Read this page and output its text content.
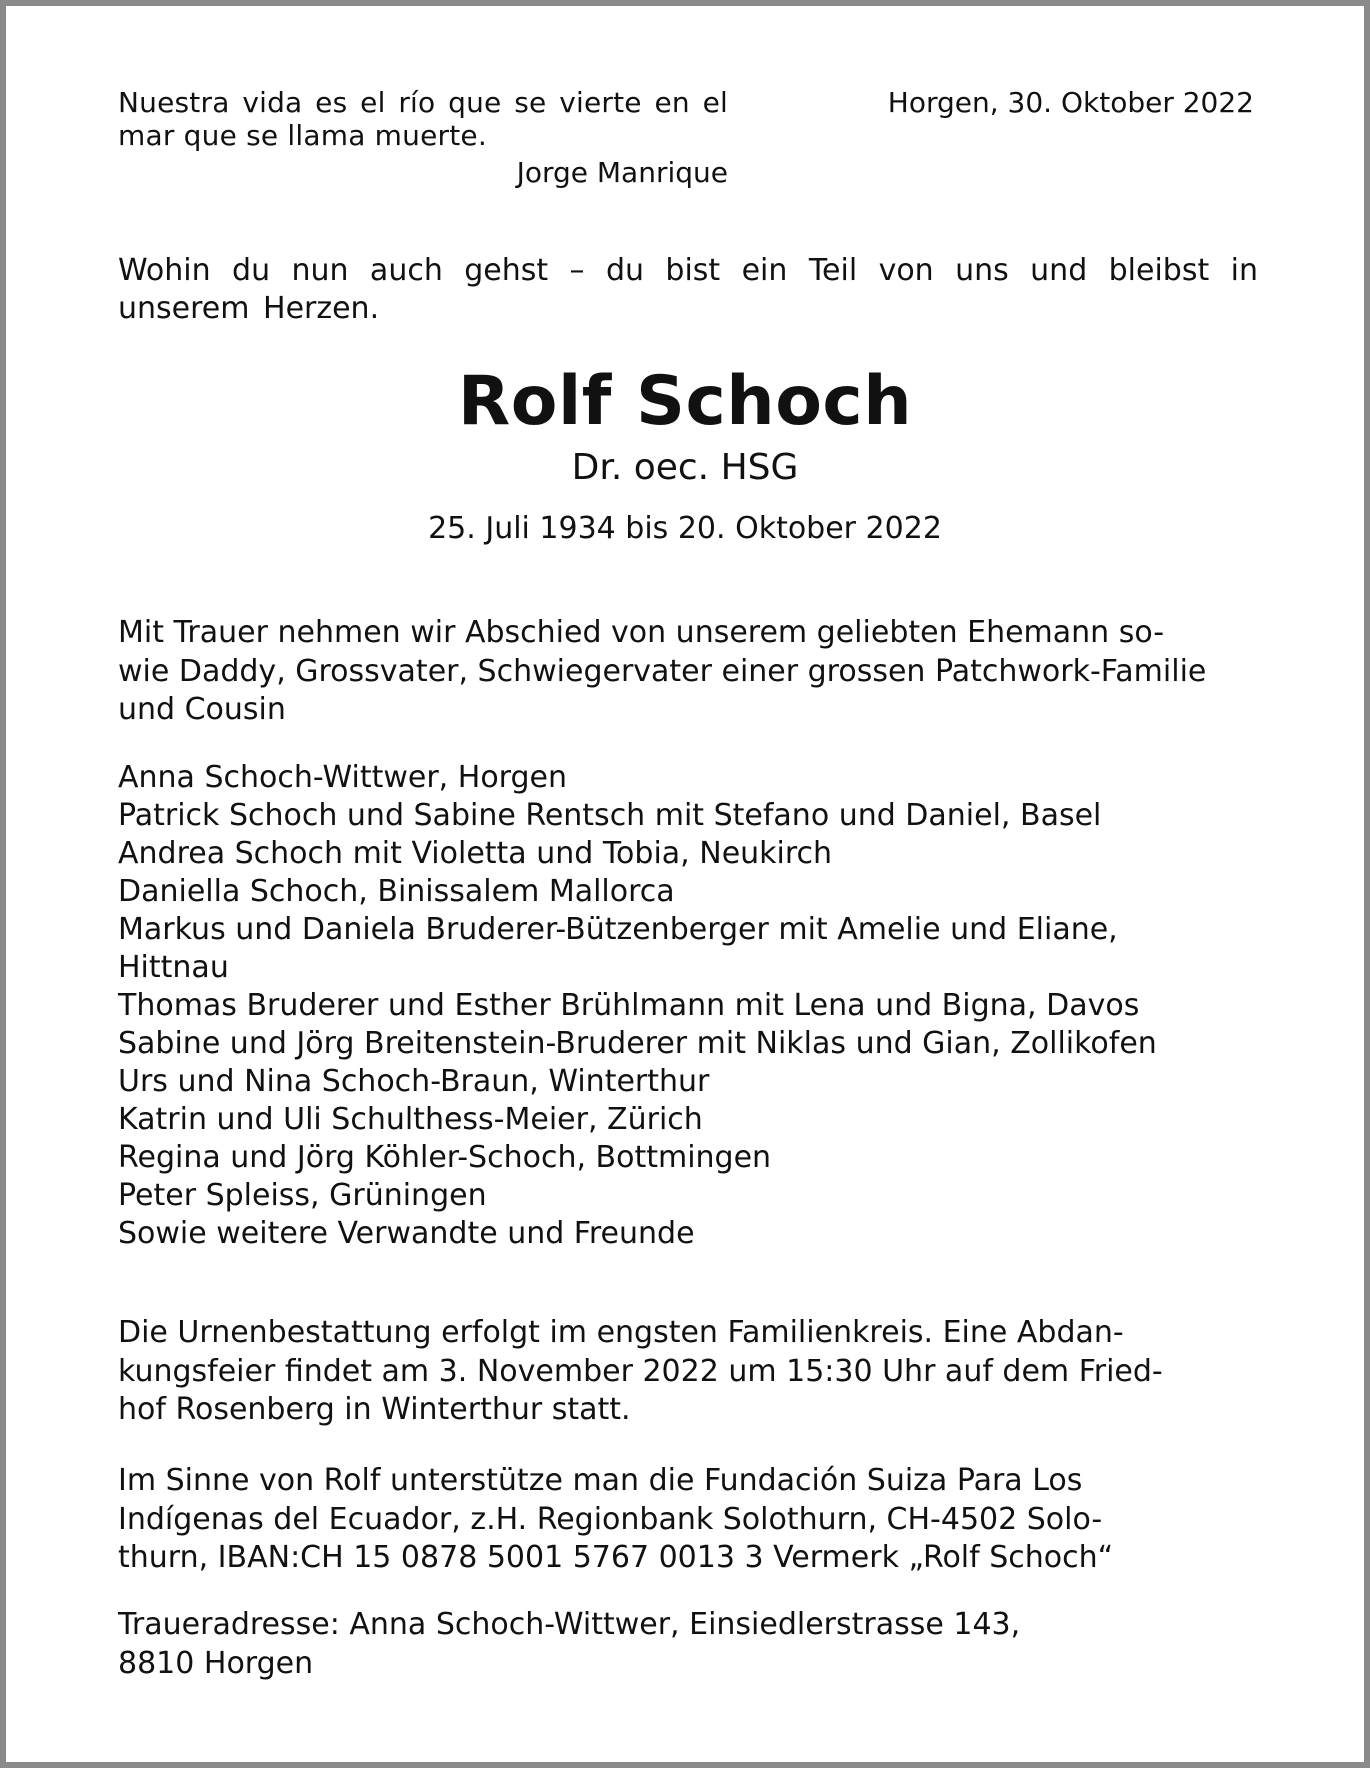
Nuestra vida es el río que se vierte en el mar que se llama muerte.
Jorge Manrique
Horgen, 30. Oktober 2022
Wohin du nun auch gehst – du bist ein Teil von uns und bleibst in unserem Herzen.
Rolf Schoch
Dr. oec. HSG
25. Juli 1934 bis 20. Oktober 2022
Mit Trauer nehmen wir Abschied von unserem geliebten Ehemann so-
wie Daddy, Grossvater, Schwiegervater einer grossen Patchwork-Familie
und Cousin
Anna Schoch-Wittwer, Horgen
Patrick Schoch und Sabine Rentsch mit Stefano und Daniel, Basel
Andrea Schoch mit Violetta und Tobia, Neukirch
Daniella Schoch, Binissalem Mallorca
Markus und Daniela Bruderer-Bützenberger mit Amelie und Eliane,
Hittnau
Thomas Bruderer und Esther Brühlmann mit Lena und Bigna, Davos
Sabine und Jörg Breitenstein-Bruderer mit Niklas und Gian, Zollikofen
Urs und Nina Schoch-Braun, Winterthur
Katrin und Uli Schulthess-Meier, Zürich
Regina und Jörg Köhler-Schoch, Bottmingen
Peter Spleiss, Grüningen
Sowie weitere Verwandte und Freunde
Die Urnenbestattung erfolgt im engsten Familienkreis. Eine Abdan-
kungsfeier findet am 3. November 2022 um 15:30 Uhr auf dem Fried-
hof Rosenberg in Winterthur statt.
Im Sinne von Rolf unterstütze man die Fundación Suiza Para Los
Indígenas del Ecuador, z.H. Regionbank Solothurn, CH-4502 Solo-
thurn, IBAN:CH 15 0878 5001 5767 0013 3 Vermerk „Rolf Schoch“
Traueradresse: Anna Schoch-Wittwer, Einsiedlerstrasse 143,
8810 Horgen
